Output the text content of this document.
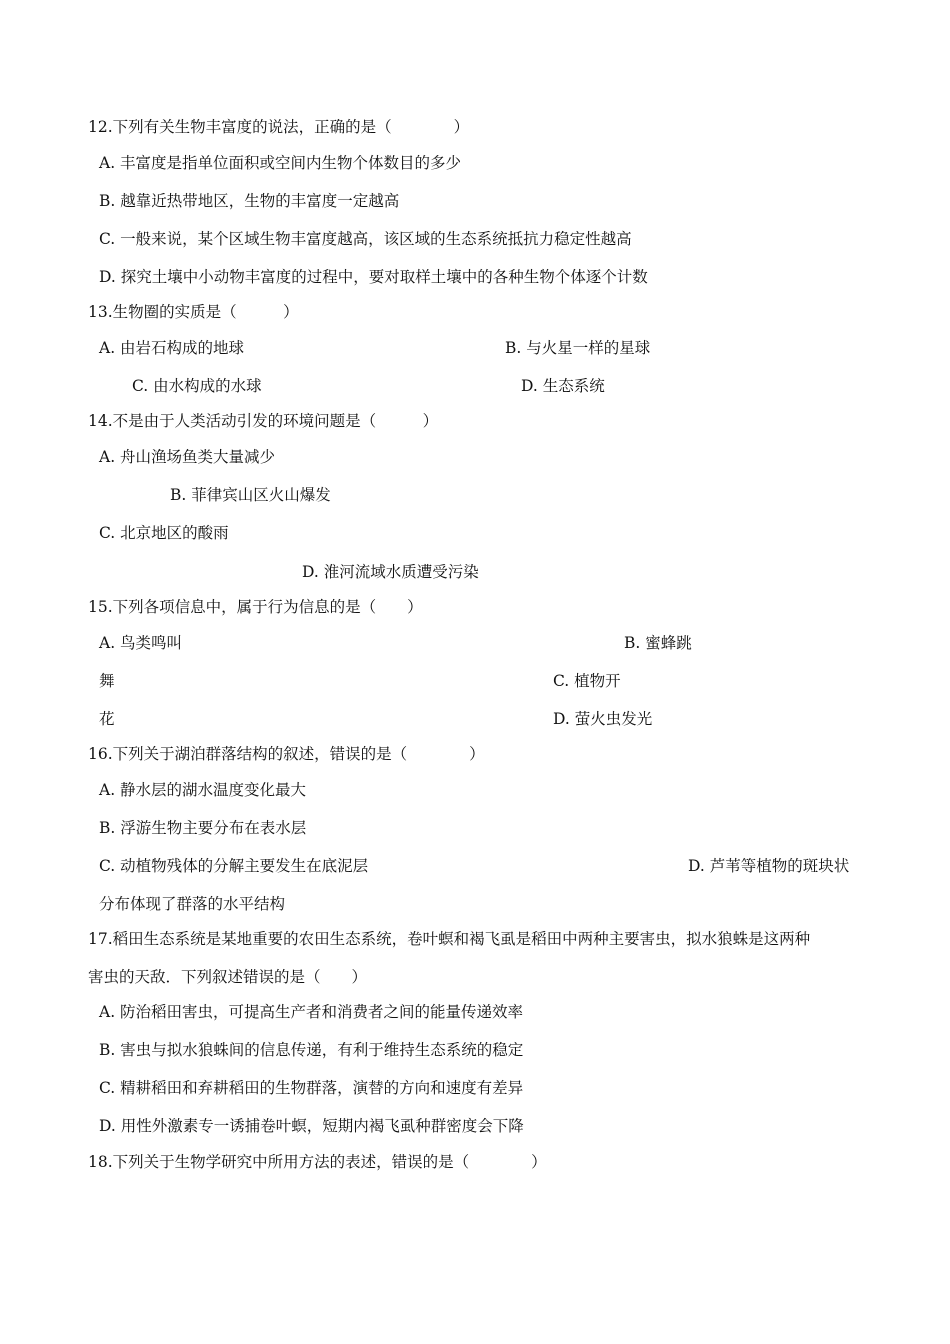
12.下列有关生物丰富度的说法，正确的是（　　　　）
A. 丰富度是指单位面积或空间内生物个体数目的多少
B. 越靠近热带地区，生物的丰富度一定越高
C. 一般来说，某个区域生物丰富度越高，该区域的生态系统抵抗力稳定性越高
D. 探究土壤中小动物丰富度的过程中，要对取样土壤中的各种生物个体逐个计数
13.生物圈的实质是（　　　）
A. 由岩石构成的地球	B. 与火星一样的星球
C. 由水构成的水球	D. 生态系统
14.不是由于人类活动引发的环境问题是（　　　）
A. 舟山渔场鱼类大量减少
B. 菲律宾山区火山爆发
C. 北京地区的酸雨
D. 淮河流域水质遭受污染
15.下列各项信息中，属于行为信息的是（　　）
A. 鸟类鸣叫	B. 蜜蜂跳
舞	C. 植物开
花	D. 萤火虫发光
16.下列关于湖泊群落结构的叙述，错误的是（　　　　）
A. 静水层的湖水温度变化最大
B. 浮游生物主要分布在表水层
C. 动植物残体的分解主要发生在底泥层	D. 芦苇等植物的斑块状
分布体现了群落的水平结构
17.稻田生态系统是某地重要的农田生态系统，卷叶螟和褐飞虱是稻田中两种主要害虫，拟水狼蛛是这两种
害虫的天敌．下列叙述错误的是（　　）
A. 防治稻田害虫，可提高生产者和消费者之间的能量传递效率
B. 害虫与拟水狼蛛间的信息传递，有利于维持生态系统的稳定
C. 精耕稻田和弃耕稻田的生物群落，演替的方向和速度有差异
D. 用性外激素专一诱捕卷叶螟，短期内褐飞虱种群密度会下降
18.下列关于生物学研究中所用方法的表述，错误的是（　　　　）
